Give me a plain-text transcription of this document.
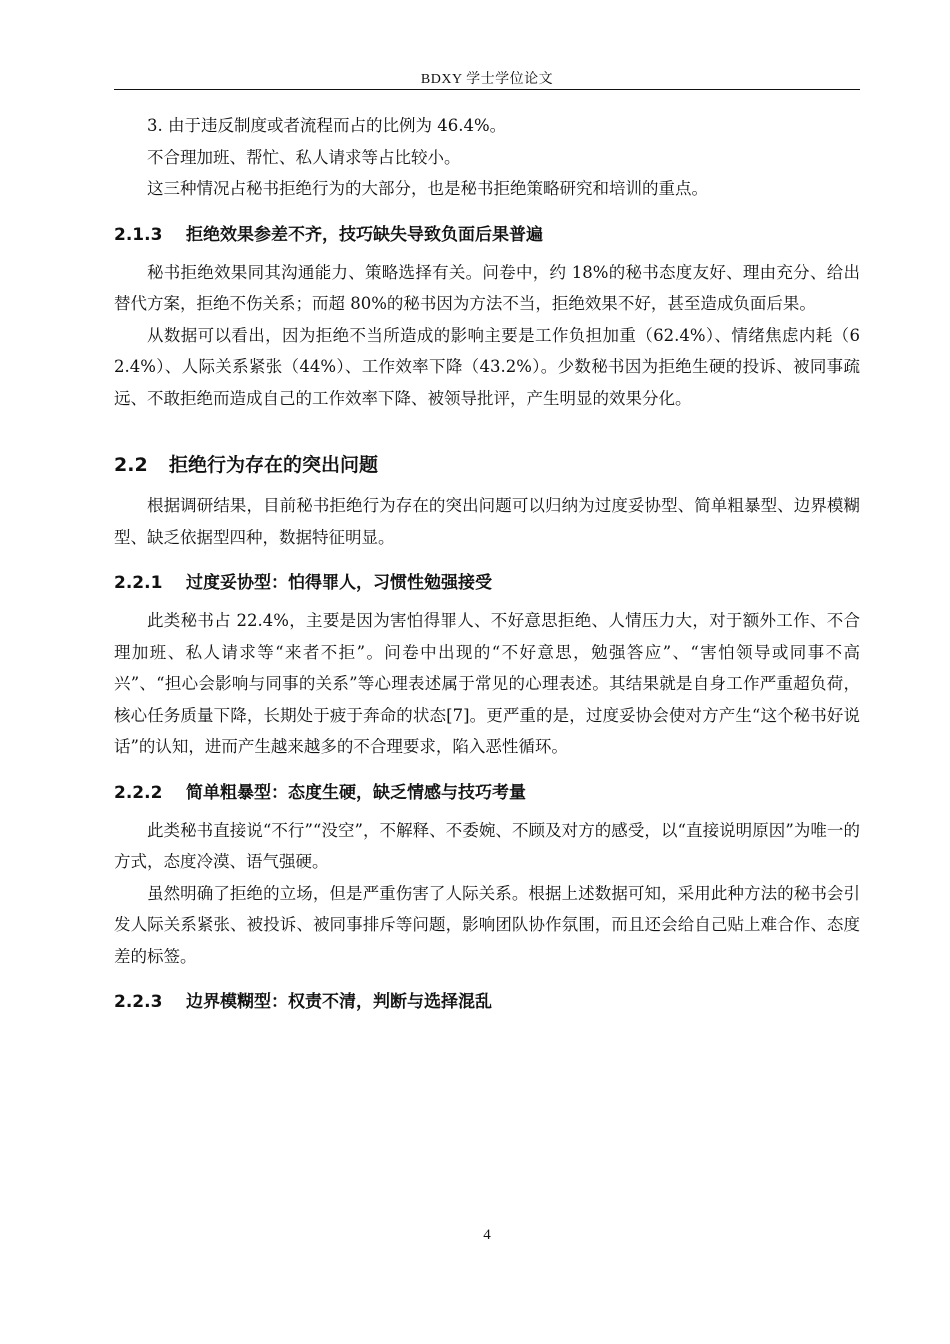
BDXY 学士学位论文

3. 由于违反制度或者流程而占的比例为 46.4%。

不合理加班、帮忙、私人请求等占比较小。

这三种情况占秘书拒绝行为的大部分，也是秘书拒绝策略研究和培训的重点。

2.1.3 拒绝效果参差不齐，技巧缺失导致负面后果普遍

秘书拒绝效果同其沟通能力、策略选择有关。问卷中，约 18%的秘书态度友好、理由充分、给出替代方案，拒绝不伤关系；而超 80%的秘书因为方法不当，拒绝效果不好，甚至造成负面后果。

从数据可以看出，因为拒绝不当所造成的影响主要是工作负担加重（62.4%）、情绪焦虑内耗（62.4%）、人际关系紧张（44%）、工作效率下降（43.2%）。少数秘书因为拒绝生硬的投诉、被同事疏远、不敢拒绝而造成自己的工作效率下降、被领导批评，产生明显的效果分化。

2.2 拒绝行为存在的突出问题

根据调研结果，目前秘书拒绝行为存在的突出问题可以归纳为过度妥协型、简单粗暴型、边界模糊型、缺乏依据型四种，数据特征明显。

2.2.1 过度妥协型：怕得罪人，习惯性勉强接受

此类秘书占 22.4%，主要是因为害怕得罪人、不好意思拒绝、人情压力大，对于额外工作、不合理加班、私人请求等“来者不拒”。问卷中出现的“不好意思，勉强答应”、“害怕领导或同事不高兴”、“担心会影响与同事的关系”等心理表述属于常见的心理表述。其结果就是自身工作严重超负荷，核心任务质量下降，长期处于疲于奔命的状态[7]。更严重的是，过度妥协会使对方产生“这个秘书好说话”的认知，进而产生越来越多的不合理要求，陷入恶性循环。

2.2.2 简单粗暴型：态度生硬，缺乏情感与技巧考量

此类秘书直接说“不行”“没空”，不解释、不委婉、不顾及对方的感受，以“直接说明原因”为唯一的方式，态度冷漠、语气强硬。

虽然明确了拒绝的立场，但是严重伤害了人际关系。根据上述数据可知，采用此种方法的秘书会引发人际关系紧张、被投诉、被同事排斥等问题，影响团队协作氛围，而且还会给自己贴上难合作、态度差的标签。

2.2.3 边界模糊型：权责不清，判断与选择混乱
4
